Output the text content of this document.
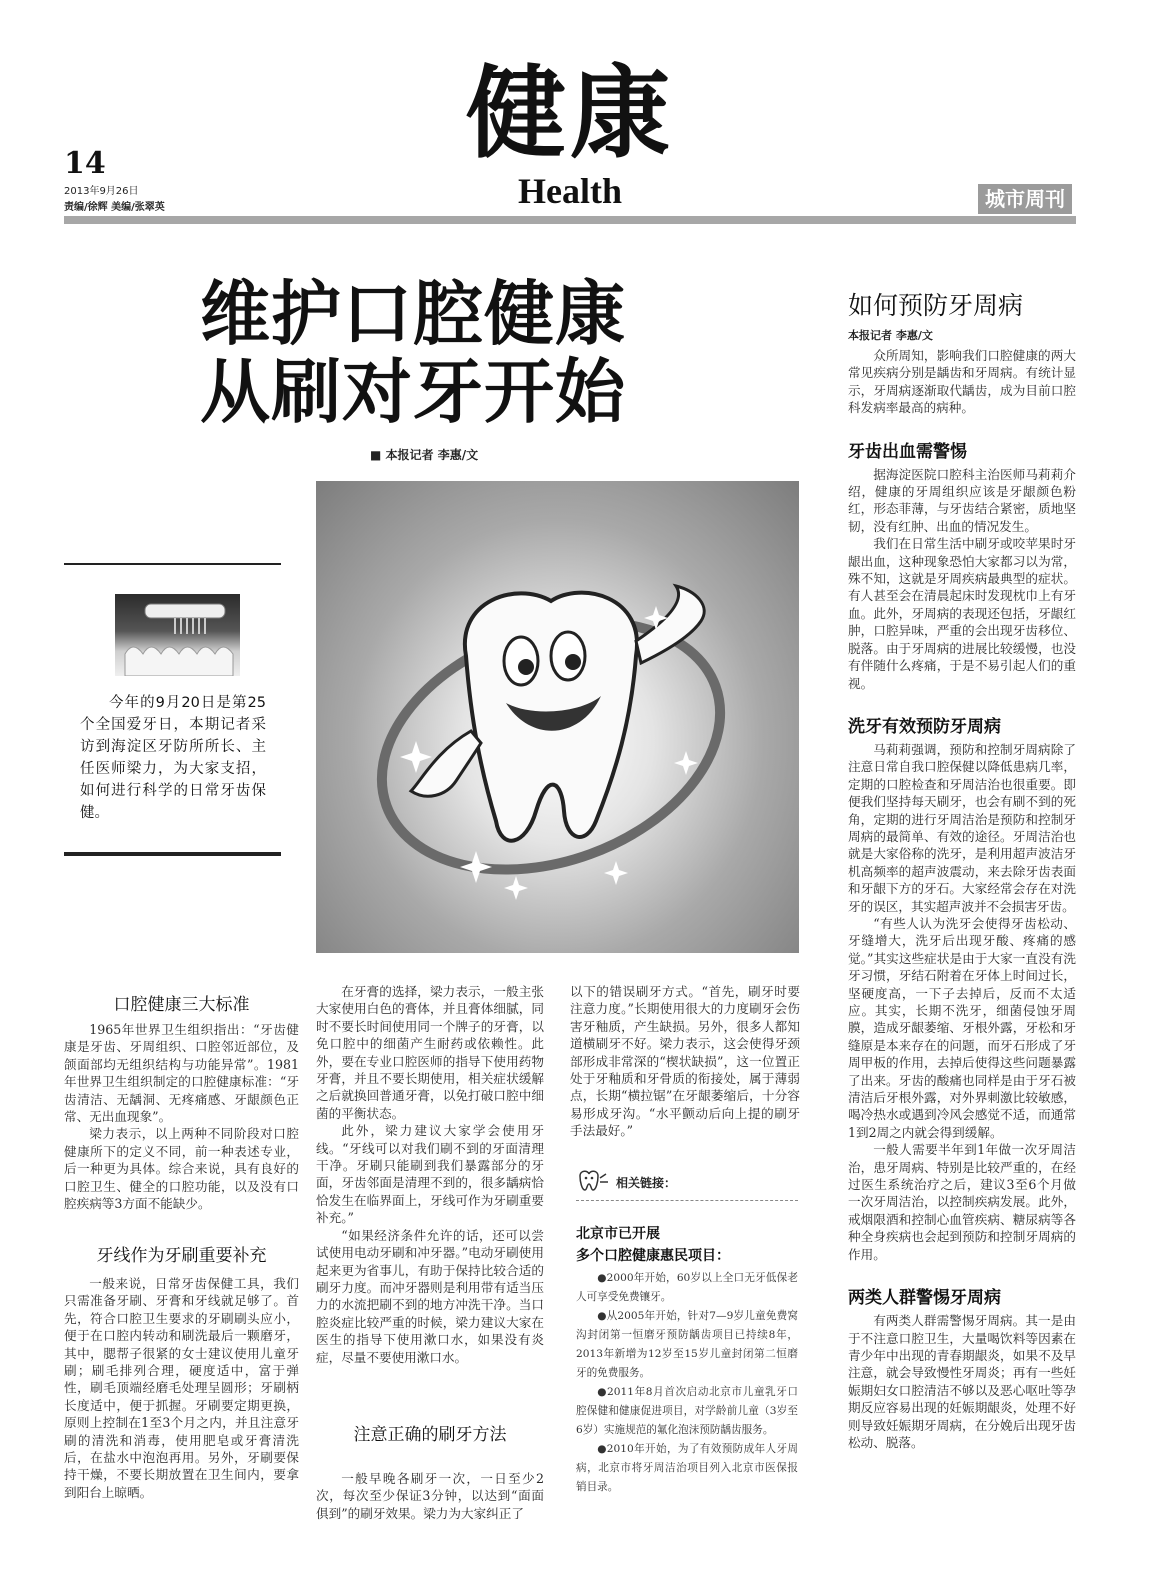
14
2013年9月26日
责编/徐辉 美编/张翠英
健康
Health	城市周刊
维护口腔健康
从刷对牙开始
■ 本报记者 李惠/文
今年的9月20日是第25个全国爱牙日，本期记者采访到海淀区牙防所所长、主任医师梁力，为大家支招，如何进行科学的日常牙齿保健。
口腔健康三大标准

1965年世界卫生组织指出：“牙齿健康是牙齿、牙周组织、口腔邻近部位，及颌面部均无组织结构与功能异常”。1981年世界卫生组织制定的口腔健康标准：“牙齿清洁、无龋洞、无疼痛感、牙龈颜色正常、无出血现象”。

梁力表示，以上两种不同阶段对口腔健康所下的定义不同，前一种表述专业，后一种更为具体。综合来说，具有良好的口腔卫生、健全的口腔功能，以及没有口腔疾病等3方面不能缺少。

牙线作为牙刷重要补充

一般来说，日常牙齿保健工具，我们只需准备牙刷、牙膏和牙线就足够了。首先，符合口腔卫生要求的牙刷刷头应小，便于在口腔内转动和刷洗最后一颗磨牙，其中，腮帮子很紧的女士建议使用儿童牙刷；刷毛排列合理，硬度适中，富于弹性，刷毛顶端经磨毛处理呈圆形；牙刷柄长度适中，便于抓握。牙刷要定期更换，原则上控制在1至3个月之内，并且注意牙刷的清洗和消毒，使用肥皂或牙膏清洗后，在盐水中泡泡再用。另外，牙刷要保持干燥，不要长期放置在卫生间内，要拿到阳台上晾晒。

在牙膏的选择，梁力表示，一般主张大家使用白色的膏体，并且膏体细腻，同时不要长时间使用同一个牌子的牙膏，以免口腔中的细菌产生耐药或依赖性。此外，要在专业口腔医师的指导下使用药物牙膏，并且不要长期使用，相关症状缓解之后就换回普通牙膏，以免打破口腔中细菌的平衡状态。

此外，梁力建议大家学会使用牙线。“牙线可以对我们刷不到的牙面清理干净。牙刷只能刷到我们暴露部分的牙面，牙齿邻面是清理不到的，很多龋病恰恰发生在临界面上，牙线可作为牙刷重要补充。”

“如果经济条件允许的话，还可以尝试使用电动牙刷和冲牙器。”电动牙刷使用起来更为省事儿，有助于保持比较合适的刷牙力度。而冲牙器则是利用带有适当压力的水流把刷不到的地方冲洗干净。当口腔炎症比较严重的时候，梁力建议大家在医生的指导下使用漱口水，如果没有炎症，尽量不要使用漱口水。

注意正确的刷牙方法

一般早晚各刷牙一次，一日至少2次，每次至少保证3分钟，以达到“面面俱到”的刷牙效果。梁力为大家纠正了

以下的错误刷牙方式。“首先，刷牙时要注意力度。”长期使用很大的力度刷牙会伤害牙釉质，产生缺损。另外，很多人都知道横刷牙不好。梁力表示，这会使得牙颈部形成非常深的“楔状缺损”，这一位置正处于牙釉质和牙骨质的衔接处，属于薄弱点，长期“横拉锯”在牙龈萎缩后，十分容易形成牙沟。“水平颤动后向上提的刷牙手法最好。”

相关链接：
北京市已开展
多个口腔健康惠民项目：

●2000年开始，60岁以上全口无牙低保老人可享受免费镶牙。

●从2005年开始，针对7—9岁儿童免费窝沟封闭第一恒磨牙预防龋齿项目已持续8年，2013年新增为12岁至15岁儿童封闭第二恒磨牙的免费服务。

●2011年8月首次启动北京市儿童乳牙口腔保健和健康促进项目，对学龄前儿童（3岁至6岁）实施规范的氟化泡沫预防龋齿服务。

●2010年开始，为了有效预防成年人牙周病，北京市将牙周洁治项目列入北京市医保报销目录。

如何预防牙周病
本报记者 李惠/文

众所周知，影响我们口腔健康的两大常见疾病分别是龋齿和牙周病。有统计显示，牙周病逐渐取代龋齿，成为目前口腔科发病率最高的病种。

牙齿出血需警惕

据海淀医院口腔科主治医师马莉莉介绍，健康的牙周组织应该是牙龈颜色粉红，形态菲薄，与牙齿结合紧密，质地坚韧，没有红肿、出血的情况发生。

我们在日常生活中刷牙或咬苹果时牙龈出血，这种现象恐怕大家都习以为常，殊不知，这就是牙周疾病最典型的症状。有人甚至会在清晨起床时发现枕巾上有牙血。此外，牙周病的表现还包括，牙龈红肿，口腔异味，严重的会出现牙齿移位、脱落。由于牙周病的进展比较缓慢，也没有伴随什么疼痛，于是不易引起人们的重视。

洗牙有效预防牙周病

马莉莉强调，预防和控制牙周病除了注意日常自我口腔保健以降低患病几率，定期的口腔检查和牙周洁治也很重要。即便我们坚持每天刷牙，也会有刷不到的死角，定期的进行牙周洁治是预防和控制牙周病的最简单、有效的途径。牙周洁治也就是大家俗称的洗牙，是利用超声波洁牙机高频率的超声波震动，来去除牙齿表面和牙龈下方的牙石。大家经常会存在对洗牙的误区，其实超声波并不会损害牙齿。

“有些人认为洗牙会使得牙齿松动、牙缝增大，洗牙后出现牙酸、疼痛的感觉。”其实这些症状是由于大家一直没有洗牙习惯，牙结石附着在牙体上时间过长，坚硬度高，一下子去掉后，反而不太适应。其实，长期不洗牙，细菌侵蚀牙周膜，造成牙龈萎缩、牙根外露，牙松和牙缝原是本来存在的问题，而牙石形成了牙周甲板的作用，去掉后使得这些问题暴露了出来。牙齿的酸痛也同样是由于牙石被清洁后牙根外露，对外界刺激比较敏感，喝冷热水或遇到冷风会感觉不适，而通常1到2周之内就会得到缓解。

一般人需要半年到1年做一次牙周洁治，患牙周病、特别是比较严重的，在经过医生系统治疗之后，建议3至6个月做一次牙周洁治，以控制疾病发展。此外，戒烟限酒和控制心血管疾病、糖尿病等各种全身疾病也会起到预防和控制牙周病的作用。

两类人群警惕牙周病

有两类人群需警惕牙周病。其一是由于不注意口腔卫生，大量喝饮料等因素在青少年中出现的青春期龈炎，如果不及早注意，就会导致慢性牙周炎；再有一些妊娠期妇女口腔清洁不够以及恶心呕吐等孕期反应容易出现的妊娠期龈炎，处理不好则导致妊娠期牙周病，在分娩后出现牙齿松动、脱落。
